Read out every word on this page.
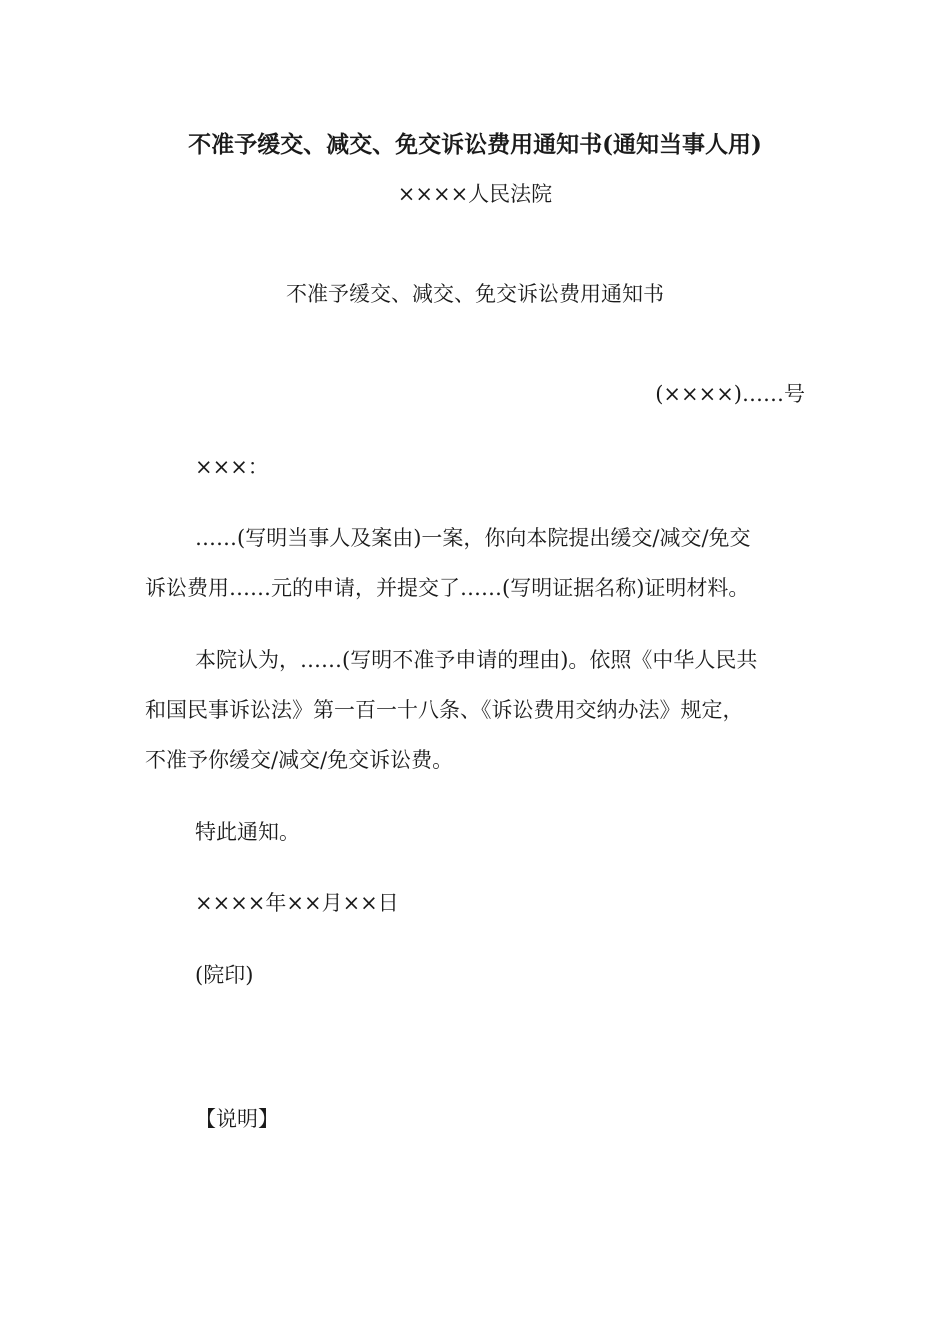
不准予缓交、减交、免交诉讼费用通知书(通知当事人用)
××××人民法院
不准予缓交、减交、免交诉讼费用通知书
(××××)……号
×××：
……(写明当事人及案由)一案，你向本院提出缓交/减交/免交
诉讼费用……元的申请，并提交了……(写明证据名称)证明材料。
本院认为，……(写明不准予申请的理由)。依照《中华人民共
和国民事诉讼法》第一百一十八条、《诉讼费用交纳办法》规定，
不准予你缓交/减交/免交诉讼费。
特此通知。
××××年××月××日
(院印)
【说明】
